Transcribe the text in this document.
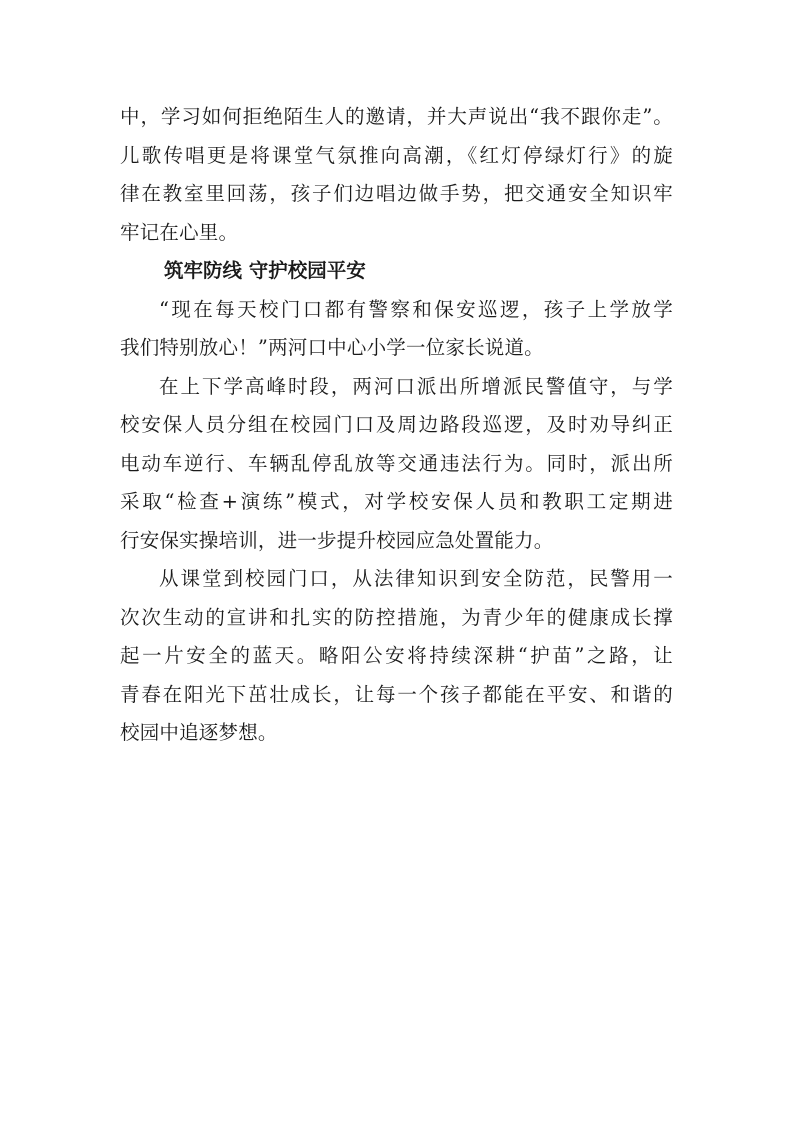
中，学习如何拒绝陌生人的邀请，并大声说出“我不跟你走”。
儿歌传唱更是将课堂气氛推向高潮，《红灯停绿灯行》的旋
律在教室里回荡，孩子们边唱边做手势，把交通安全知识牢
牢记在心里。
筑牢防线 守护校园平安
“现在每天校门口都有警察和保安巡逻，孩子上学放学
我们特别放心！”两河口中心小学一位家长说道。
在上下学高峰时段，两河口派出所增派民警值守，与学
校安保人员分组在校园门口及周边路段巡逻，及时劝导纠正
电动车逆行、车辆乱停乱放等交通违法行为。同时，派出所
采取“检查+演练”模式，对学校安保人员和教职工定期进
行安保实操培训，进一步提升校园应急处置能力。
从课堂到校园门口，从法律知识到安全防范，民警用一
次次生动的宣讲和扎实的防控措施，为青少年的健康成长撑
起一片安全的蓝天。略阳公安将持续深耕“护苗”之路，让
青春在阳光下茁壮成长，让每一个孩子都能在平安、和谐的
校园中追逐梦想。
